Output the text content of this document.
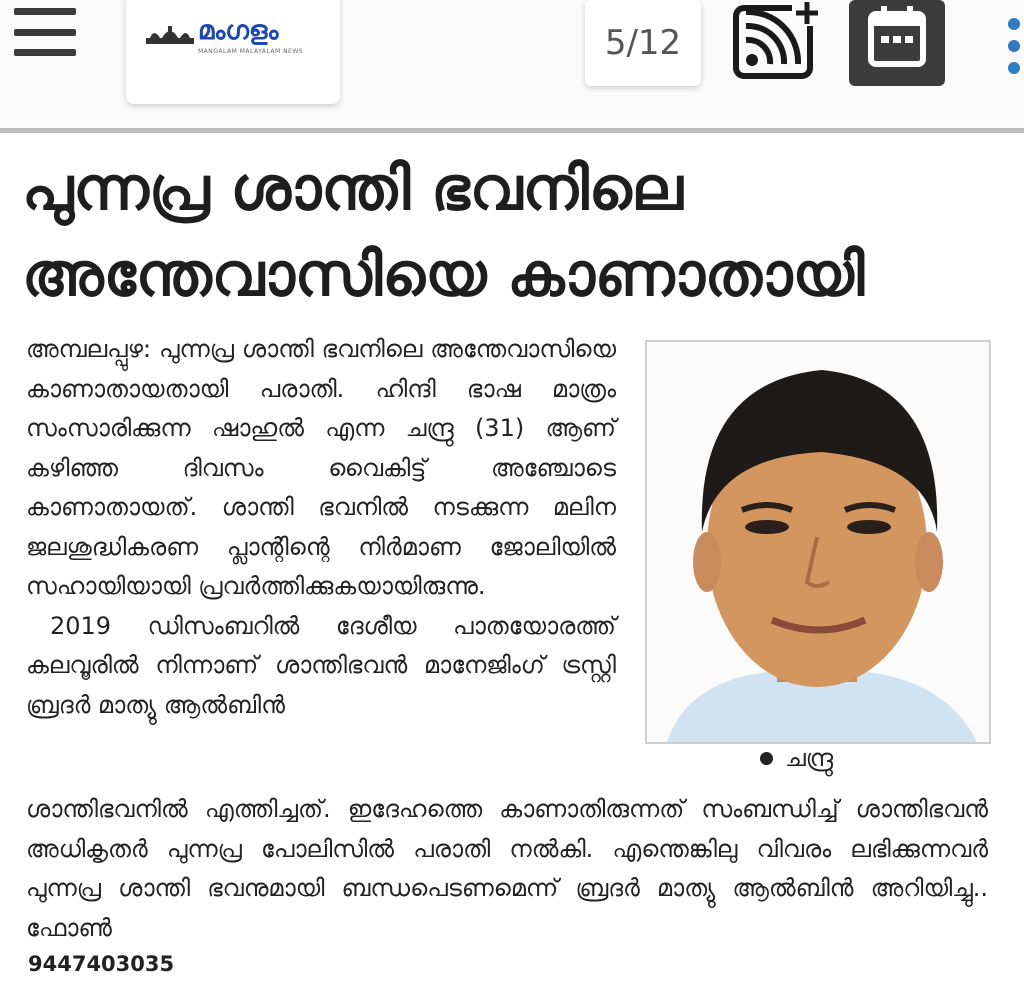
മംഗളം
MANGALAM MALAYALAM NEWS	5/12
പുന്നപ്ര ശാന്തി ഭവനിലെ
അന്തേവാസിയെ കാണാതായി
അമ്പലപ്പുഴ: പുന്നപ്ര ശാന്തി ഭവനിലെ അന്തേവാസിയെ കാണാതായതായി പരാതി. ഹിന്ദി ഭാഷ മാത്രം സംസാരിക്കുന്ന ഷാഹുൽ എന്ന ചന്ദ്രു (31) ആണ് കഴിഞ്ഞ ദിവസം വൈകിട്ട് അഞ്ചോടെ കാണാതായത്. ശാന്തി ഭവനിൽ നടക്കുന്ന മലിന ജലശുദ്ധികരണ പ്ലാന്റിന്റെ നിർമാണ ജോലിയിൽ സഹായിയായി പ്രവർത്തിക്കുകയായിരുന്നു.
2019 ഡിസംബറിൽ ദേശീയ പാതയോരത്ത് കലവൂരിൽ നിന്നാണ് ശാന്തിഭവൻ മാനേജിംഗ് ട്രസ്റ്റി ബ്രദർ മാത്യു ആൽബിൻ
ചന്ദ്രു
ശാന്തിഭവനിൽ എത്തിച്ചത്. ഇദേഹത്തെ കാണാതിരുന്നത് സംബന്ധിച്ച് ശാന്തിഭവൻ അധികൃതർ പുന്നപ്ര പോലിസിൽ പരാതി നൽകി. എന്തെങ്കിലു വിവരം ലഭിക്കുന്നവർ പുന്നപ്ര ശാന്തി ഭവനുമായി ബന്ധപെടണമെന്ന് ബ്രദർ മാത്യു ആൽബിൻ അറിയിച്ചു.. ഫോൺ
9447403035
